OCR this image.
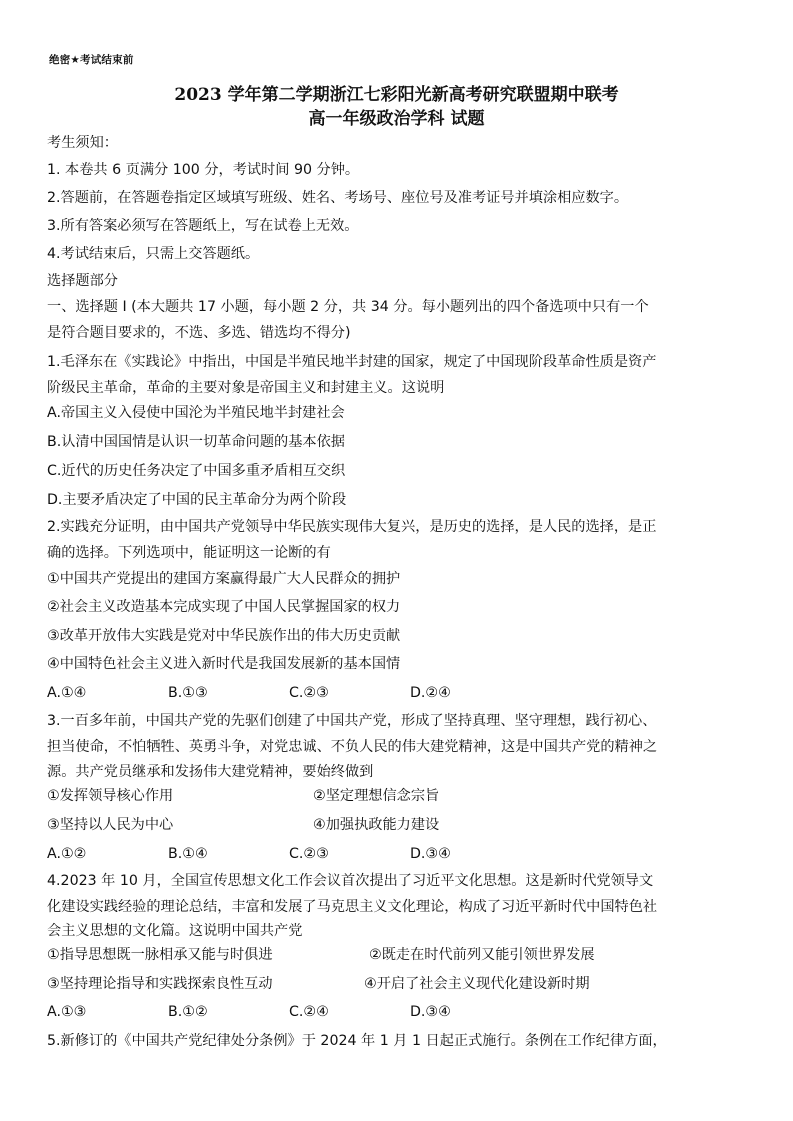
绝密★考试结束前
2023 学年第二学期浙江七彩阳光新高考研究联盟期中联考
高一年级政治学科 试题
考生须知：
1. 本卷共 6 页满分 100 分，考试时间 90 分钟。
2.答题前，在答题卷指定区域填写班级、姓名、考场号、座位号及准考证号并填涂相应数字。
3.所有答案必须写在答题纸上，写在试卷上无效。
4.考试结束后，只需上交答题纸。
选择题部分
一、选择题 I (本大题共 17 小题，每小题 2 分，共 34 分。每小题列出的四个备选项中只有一个
是符合题目要求的，不选、多选、错选均不得分)
1.毛泽东在《实践论》中指出，中国是半殖民地半封建的国家，规定了中国现阶段革命性质是资产
阶级民主革命，革命的主要对象是帝国主义和封建主义。这说明
A.帝国主义入侵使中国沦为半殖民地半封建社会
B.认清中国国情是认识一切革命问题的基本依据
C.近代的历史任务决定了中国多重矛盾相互交织
D.主要矛盾决定了中国的民主革命分为两个阶段
2.实践充分证明，由中国共产党领导中华民族实现伟大复兴，是历史的选择，是人民的选择，是正
确的选择。下列选项中，能证明这一论断的有
①中国共产党提出的建国方案赢得最广大人民群众的拥护
②社会主义改造基本完成实现了中国人民掌握国家的权力
③改革开放伟大实践是党对中华民族作出的伟大历史贡献
④中国特色社会主义进入新时代是我国发展新的基本国情
A.①④	B.①③	C.②③	D.②④
3.一百多年前，中国共产党的先驱们创建了中国共产党，形成了坚持真理、坚守理想，践行初心、
担当使命，不怕牺牲、英勇斗争，对党忠诚、不负人民的伟大建党精神，这是中国共产党的精神之
源。共产党员继承和发扬伟大建党精神，要始终做到
①发挥领导核心作用	②坚定理想信念宗旨
③坚持以人民为中心	④加强执政能力建设
A.①②	B.①④	C.②③	D.③④
4.2023 年 10 月，全国宣传思想文化工作会议首次提出了习近平文化思想。这是新时代党领导文
化建设实践经验的理论总结，丰富和发展了马克思主义文化理论，构成了习近平新时代中国特色社
会主义思想的文化篇。这说明中国共产党
①指导思想既一脉相承又能与时俱进	②既走在时代前列又能引领世界发展
③坚持理论指导和实践探索良性互动	④开启了社会主义现代化建设新时期
A.①③	B.①②	C.②④	D.③④
5.新修订的《中国共产党纪律处分条例》于 2024 年 1 月 1 日起正式施行。条例在工作纪律方面，
